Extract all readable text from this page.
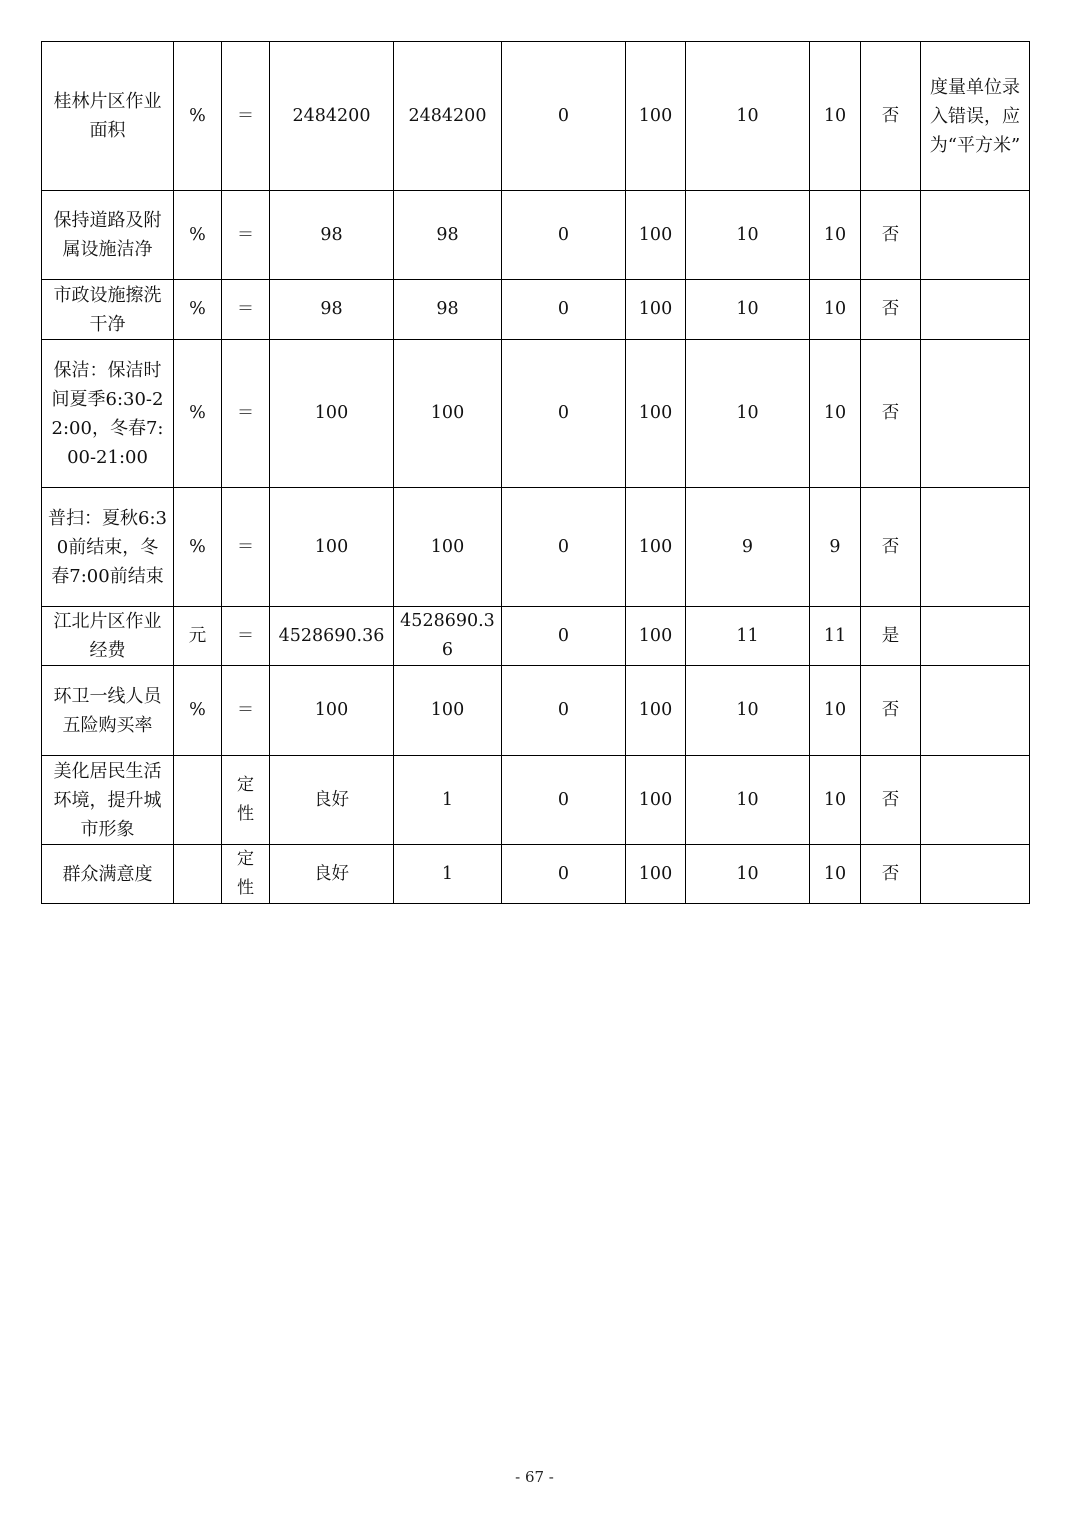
桂林片区作业面积	%	＝	2484200	2484200	0	100	10	10	否	度量单位录入错误，应为“平方米”
保持道路及附属设施洁净	%	＝	98	98	0	100	10	10	否	
市政设施擦洗干净	%	＝	98	98	0	100	10	10	否	
保洁：保洁时间夏季6:30-22:00，冬春7:00-21:00	%	＝	100	100	0	100	10	10	否	
普扫：夏秋6:30前结束，冬春7:00前结束	%	＝	100	100	0	100	9	9	否	
江北片区作业经费	元	＝	4528690.36	4528690.36	0	100	11	11	是	
环卫一线人员五险购买率	%	＝	100	100	0	100	10	10	否	
美化居民生活环境，提升城市形象		定性	良好	1	0	100	10	10	否	
群众满意度		定性	良好	1	0	100	10	10	否	
- 67 -
